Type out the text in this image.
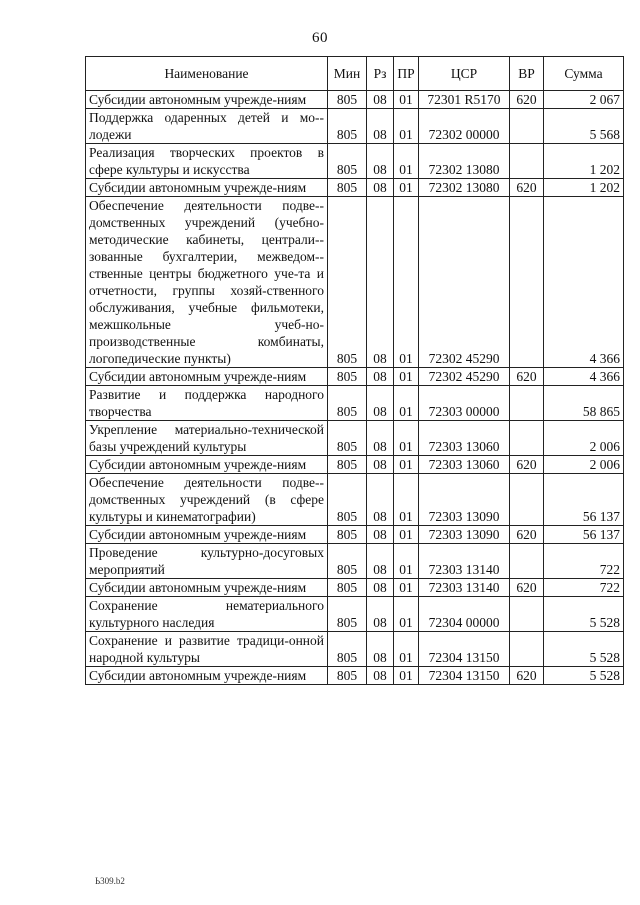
60
Наименование	Мин	Рз	ПР	ЦСР	ВР	Сумма
Субсидии автономным учрежде-ниям	805	08	01	72301 R5170	620	2 067
Поддержка одаренных детей и мо-лодежи	805	08	01	72302 00000		5 568
Реализация творческих проектов в сфере культуры и искусства	805	08	01	72302 13080		1 202
Субсидии автономным учрежде-ниям	805	08	01	72302 13080	620	1 202
Обеспечение деятельности подве-домственных учреждений (учебно-методические кабинеты, централи-зованные бухгалтерии, межведом-ственные центры бюджетного уче-та и отчетности, группы хозяй-ственного обслуживания, учебные фильмотеки, межшкольные учеб-но-производственные комбинаты, логопедические пункты)	805	08	01	72302 45290		4 366
Субсидии автономным учрежде-ниям	805	08	01	72302 45290	620	4 366
Развитие и поддержка народного творчества	805	08	01	72303 00000		58 865
Укрепление материально-технической базы учреждений культуры	805	08	01	72303 13060		2 006
Субсидии автономным учрежде-ниям	805	08	01	72303 13060	620	2 006
Обеспечение деятельности подве-домственных учреждений (в сфере культуры и кинематографии)	805	08	01	72303 13090		56 137
Субсидии автономным учрежде-ниям	805	08	01	72303 13090	620	56 137
Проведение культурно-досуговых мероприятий	805	08	01	72303 13140		722
Субсидии автономным учрежде-ниям	805	08	01	72303 13140	620	722
Сохранение нематериального культурного наследия	805	08	01	72304 00000		5 528
Сохранение и развитие традици-онной народной культуры	805	08	01	72304 13150		5 528
Субсидии автономным учрежде-ниям	805	08	01	72304 13150	620	5 528
Ь309.b2
